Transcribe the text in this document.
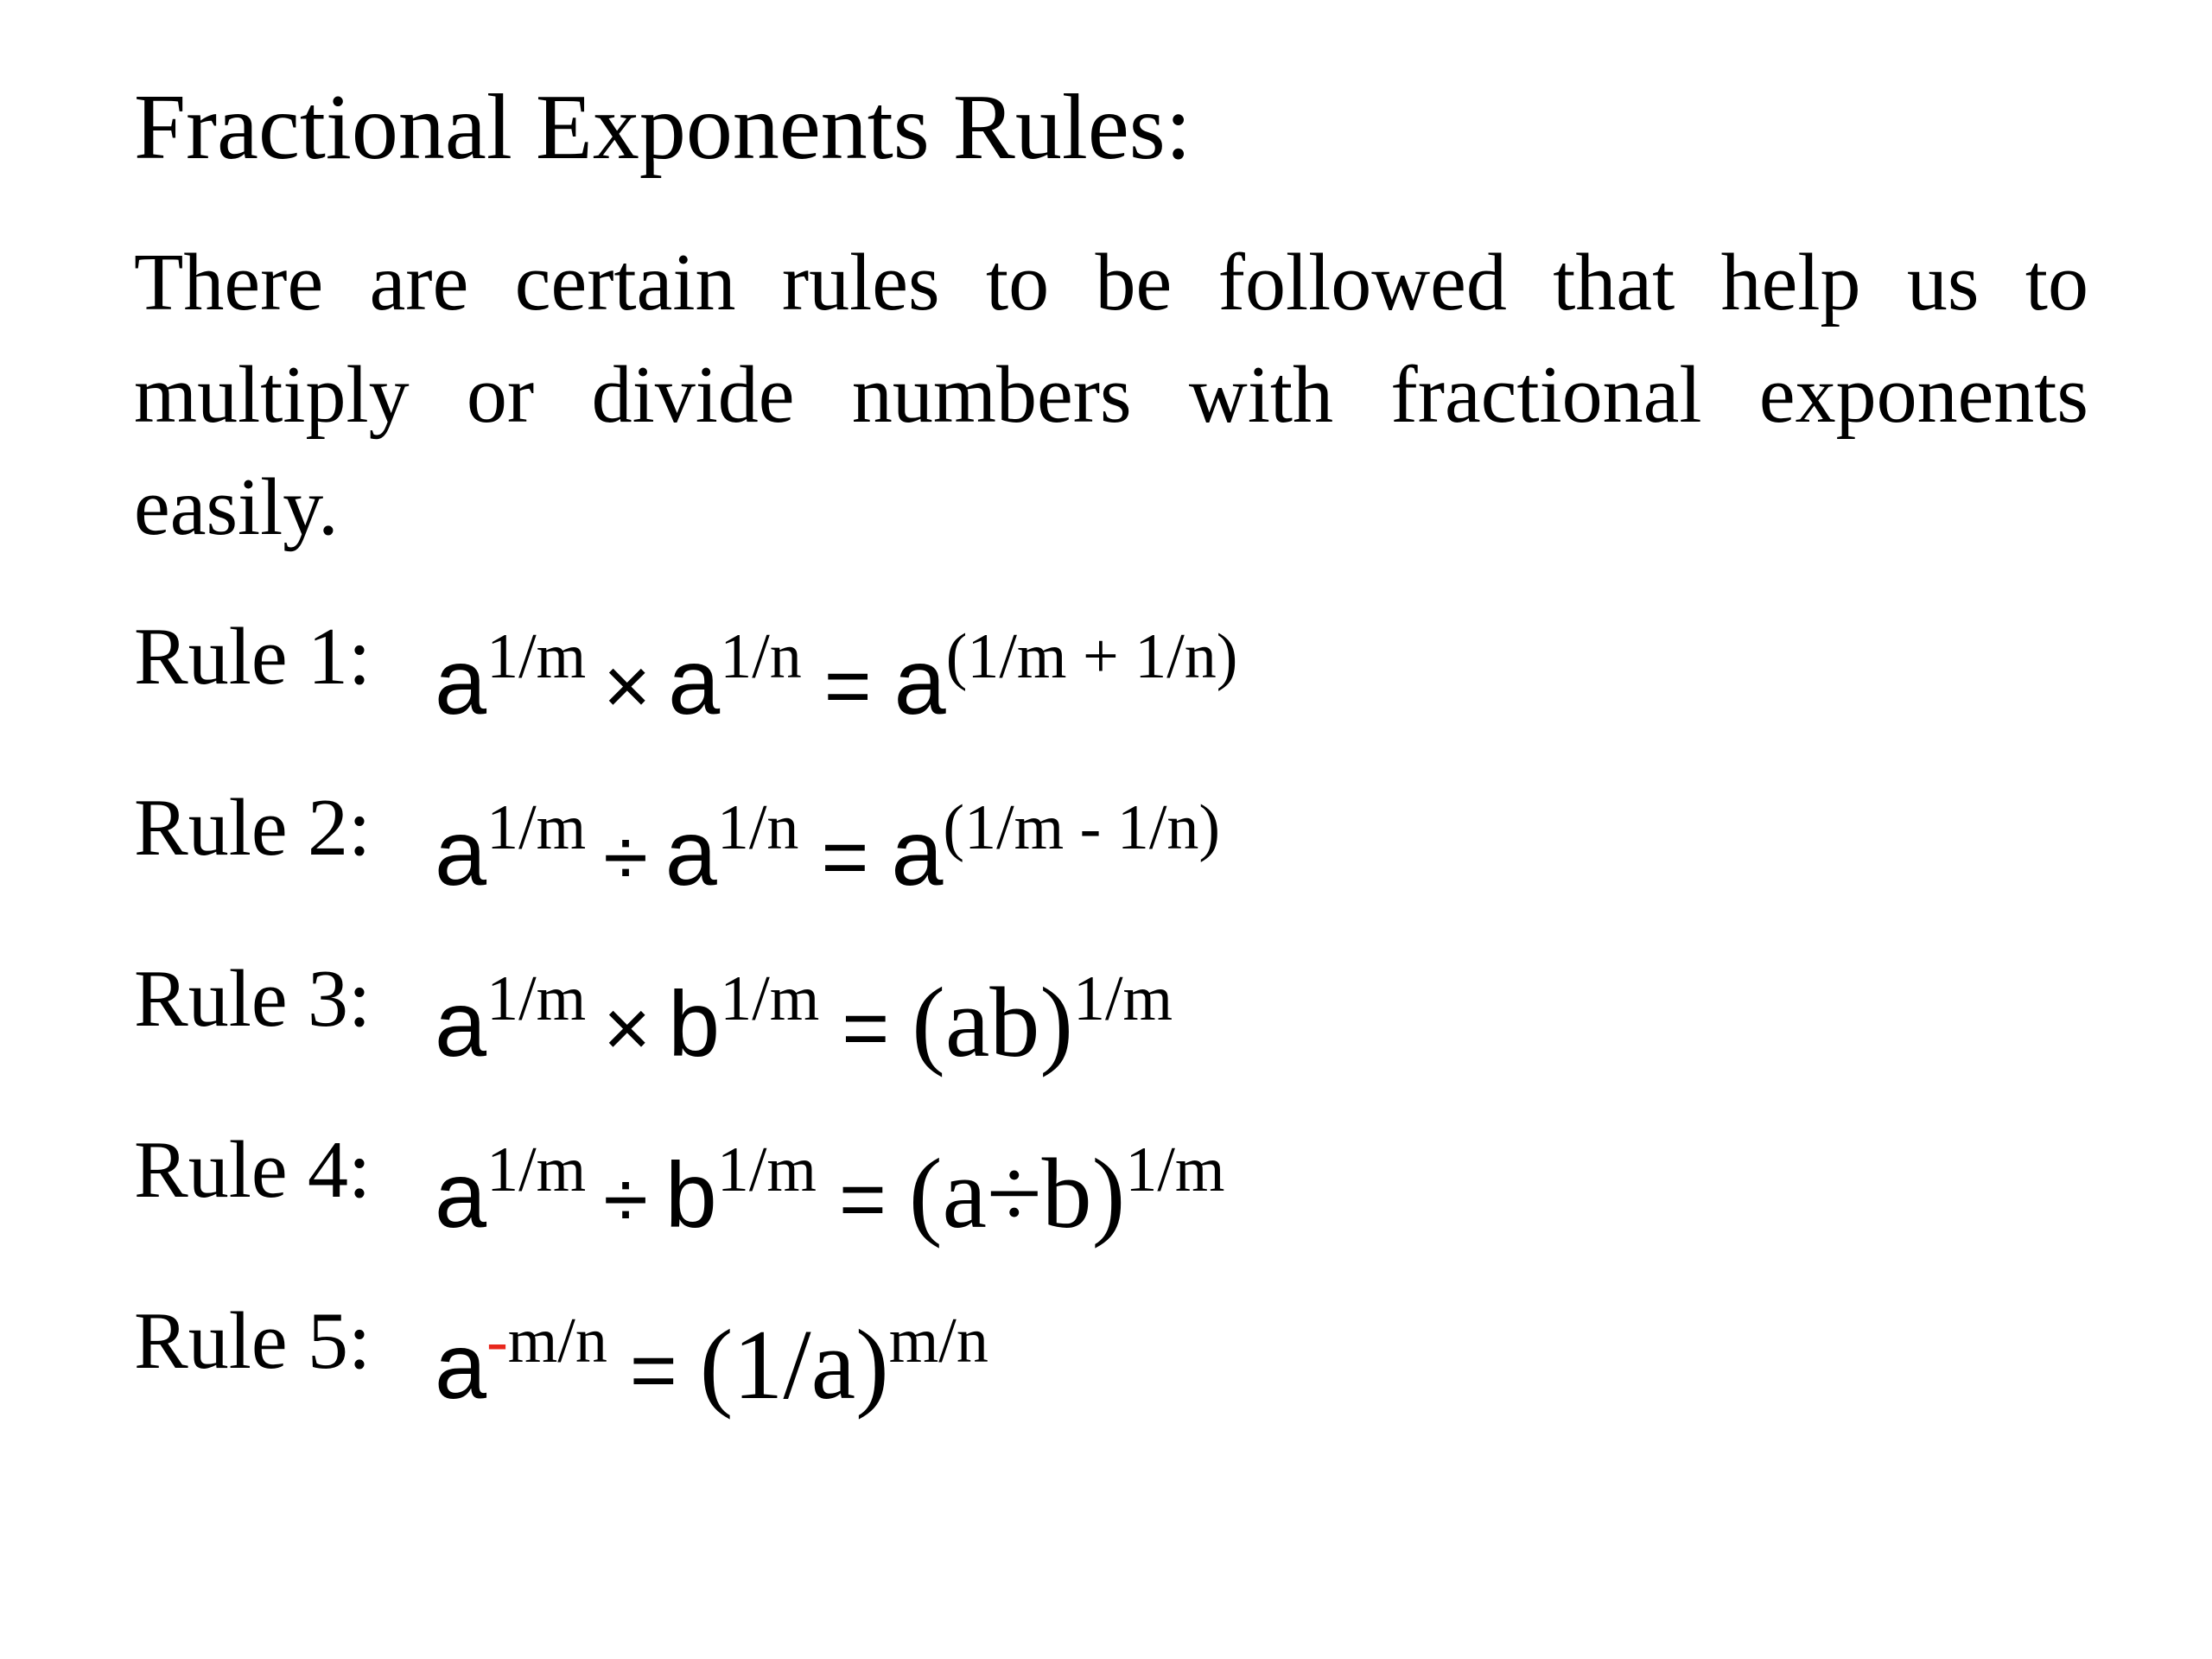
Fractional Exponents Rules:
There are certain rules to be followed that help us to multiply or divide numbers with fractional exponents easily.
Rule 1: $a^{1/m} \times a^{1/n} = a^{(1/m + 1/n)}$
Rule 2: $a^{1/m} \div a^{1/n} = a^{(1/m - 1/n)}$
Rule 3: $a^{1/m} \times b^{1/m} = (ab)^{1/m}$
Rule 4: $a^{1/m} \div b^{1/m} = (a\div b)^{1/m}$
Rule 5: $a^{-m/n} = (1/a)^{m/n}$
